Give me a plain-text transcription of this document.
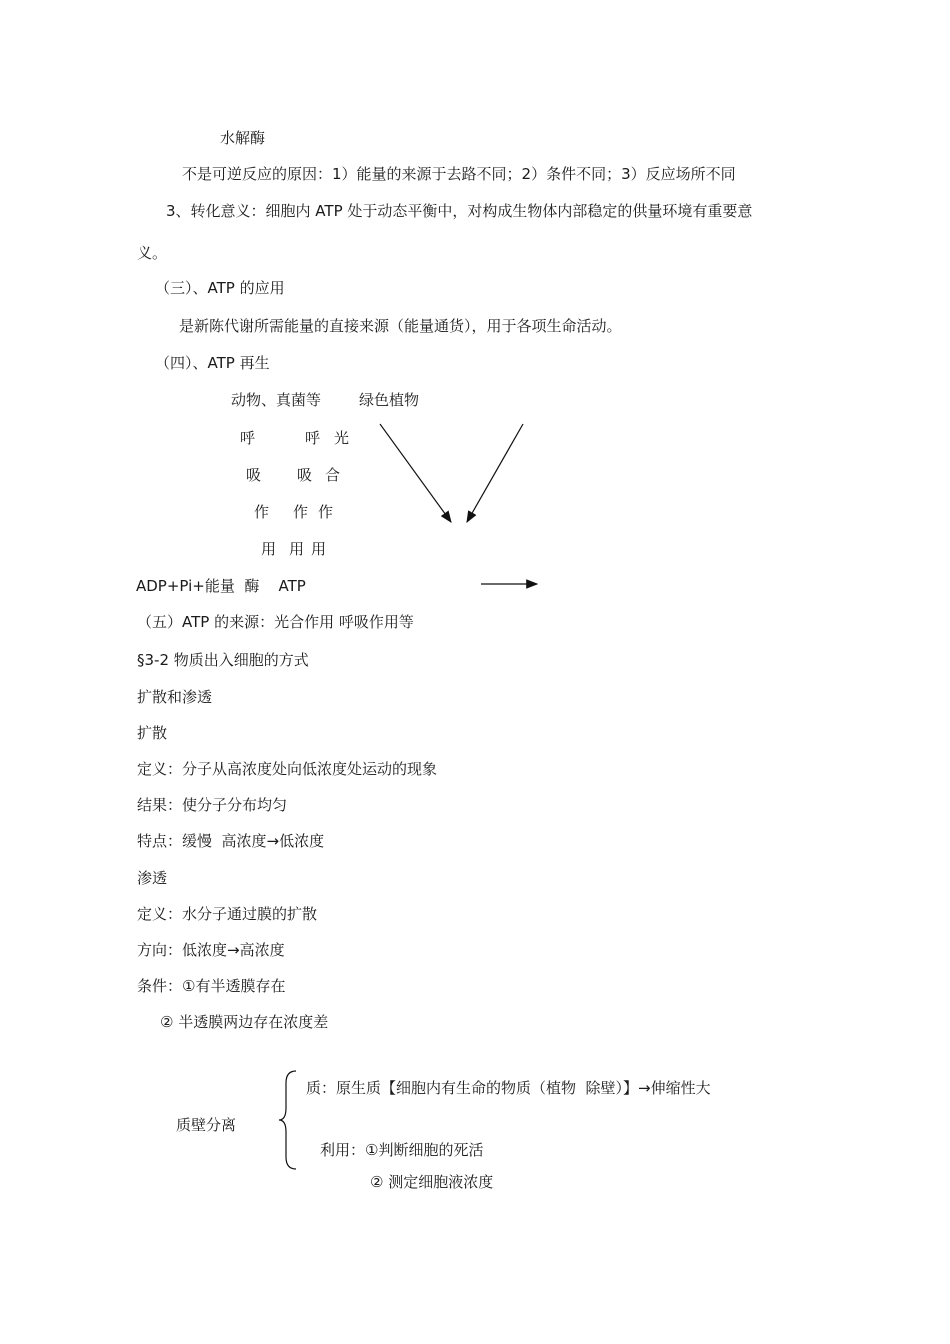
水解酶
不是可逆反应的原因：1）能量的来源于去路不同；2）条件不同；3）反应场所不同
3、转化意义：细胞内 ATP 处于动态平衡中，对构成生物体内部稳定的供量环境有重要意
义。
（三）、ATP 的应用
是新陈代谢所需能量的直接来源（能量通货），用于各项生命活动。
（四）、ATP 再生
动物、真菌等	绿色植物
呼
吸
作
用
呼
吸
作
用
光
合
作
用
ADP+Pi+能量  酶    ATP
（五）ATP 的来源：光合作用 呼吸作用等
§3-2 物质出入细胞的方式
扩散和渗透
扩散
定义：分子从高浓度处向低浓度处运动的现象
结果：使分子分布均匀
特点：缓慢  高浓度→低浓度
渗透
定义：水分子通过膜的扩散
方向：低浓度→高浓度
条件：①有半透膜存在
② 半透膜两边存在浓度差
质壁分离
质：原生质【细胞内有生命的物质（植物  除壁）】→伸缩性大
利用：①判断细胞的死活
② 测定细胞液浓度
